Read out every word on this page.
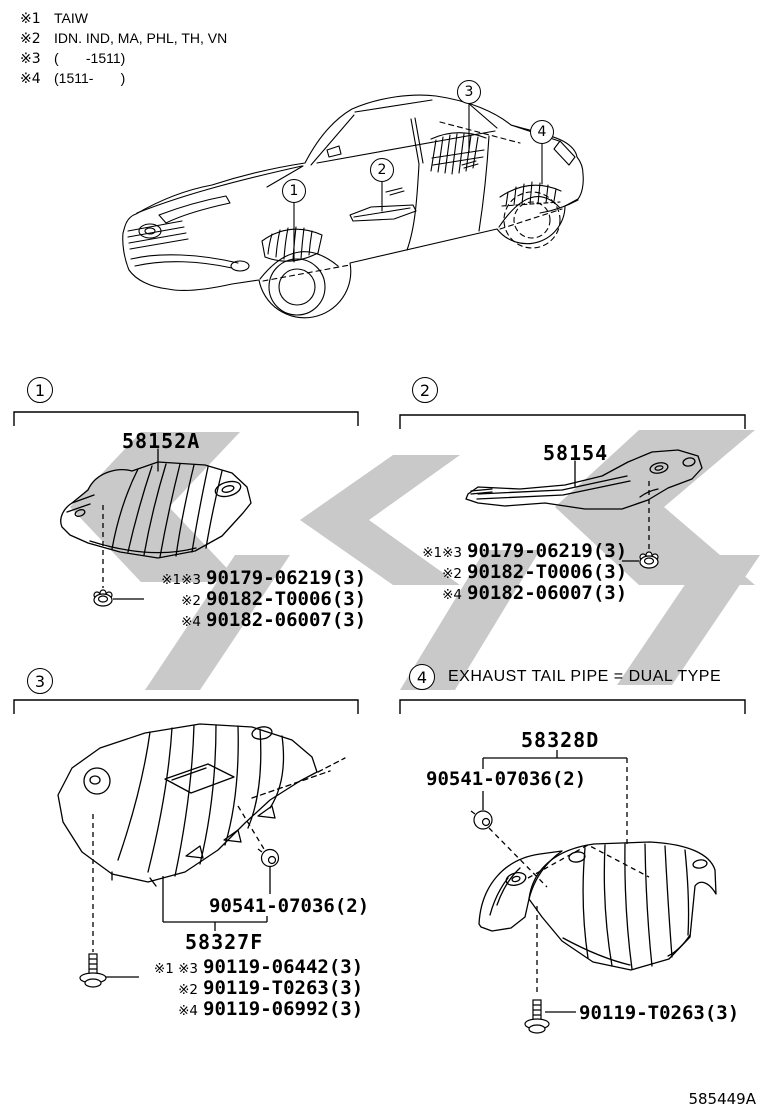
※1 TAIW
※2 IDN. IND, MA, PHL, TH, VN
※3 (       -1511)
※4 (1511-       )
1
2
3
4
1	2
3	4
58152A
※1※3 90179-06219(3)
※2 90182-T0006(3)
※4 90182-06007(3)
58154
※1※3 90179-06219(3)
※2 90182-T0006(3)
※4 90182-06007(3)
90541-07036(2)
58327F
※1 ※3 90119-06442(3)
※2 90119-T0263(3)
※4 90119-06992(3)
EXHAUST TAIL PIPE = DUAL TYPE
58328D
90541-07036(2)
90119-T0263(3)
585449A
